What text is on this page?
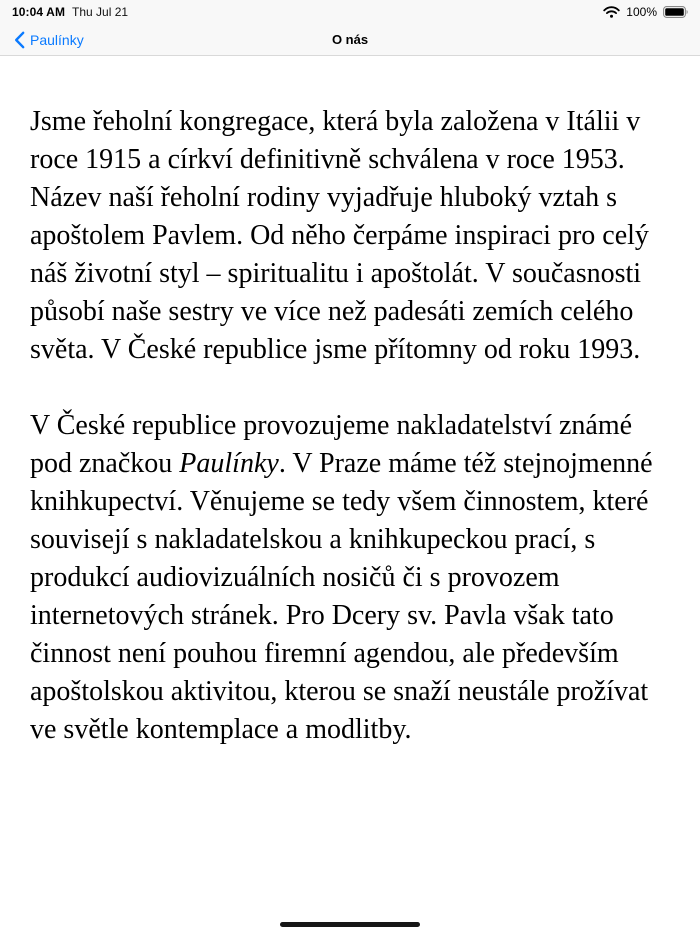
10:04 AM Thu Jul 21	100%
Paulínky	O nás

Jsme řeholní kongregace, která byla založena v Itálii v roce 1915 a církví definitivně schválena v roce 1953. Název naší řeholní rodiny vyjadřuje hluboký vztah s apoštolem Pavlem. Od něho čerpáme inspiraci pro celý náš životní styl – spiritualitu i apoštolát. V současnosti působí naše sestry ve více než padesáti zemích celého světa. V České republice jsme přítomny od roku 1993.

V České republice provozujeme nakladatelství známé pod značkou Paulínky. V Praze máme též stejnojmenné knihkupectví. Věnujeme se tedy všem činnostem, které souvisejí s nakladatelskou a knihkupeckou prací, s produkcí audiovizuálních nosičů či s provozem internetových stránek. Pro Dcery sv. Pavla však tato činnost není pouhou firemní agendou, ale především apoštolskou aktivitou, kterou se snaží neustále prožívat ve světle kontemplace a modlitby.
